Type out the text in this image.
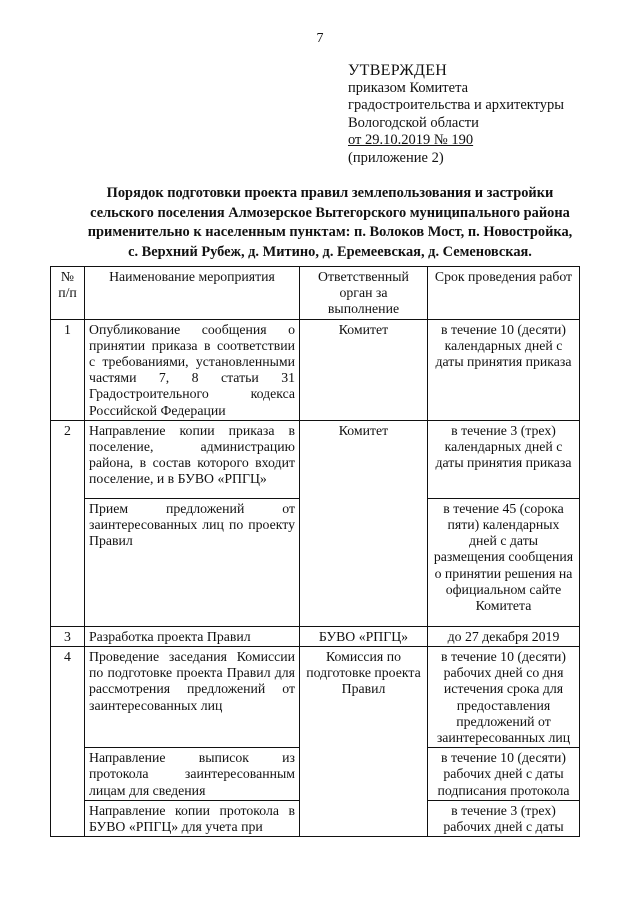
7
УТВЕРЖДЕН
приказом Комитета
градостроительства и архитектуры
Вологодской области
от 29.10.2019 № 190
(приложение 2)
Порядок подготовки проекта правил землепользования и застройки
сельского поселения Алмозерское Вытегорского муниципального района
применительно к населенным пунктам: п. Волоков Мост, п. Новостройка,
с. Верхний Рубеж, д. Митино, д. Еремеевская, д. Семеновская.
№ п/п	Наименование мероприятия	Ответственный орган за выполнение	Срок проведения работ
1	Опубликование сообщения о принятии приказа в соответствии с требованиями, установленными частями 7, 8 статьи 31 Градостроительного кодекса Российской Федерации	Комитет	в течение 10 (десяти) календарных дней с даты принятия приказа
2	Направление копии приказа в поселение, администрацию района, в состав которого входит поселение, и в БУВО «РПГЦ»	Комитет	в течение 3 (трех) календарных дней с даты принятия приказа
	Прием предложений от заинтересованных лиц по проекту Правил		в течение 45 (сорока пяти) календарных дней с даты размещения сообщения о принятии решения на официальном сайте Комитета
3	Разработка проекта Правил	БУВО «РПГЦ»	до 27 декабря 2019
4	Проведение заседания Комиссии по подготовке проекта Правил для рассмотрения предложений от заинтересованных лиц	Комиссия по подготовке проекта Правил	в течение 10 (десяти) рабочих дней со дня истечения срока для предоставления предложений от заинтересованных лиц
	Направление выписок из протокола заинтересованным лицам для сведения		в течение 10 (десяти) рабочих дней с даты подписания протокола
	Направление копии протокола в БУВО «РПГЦ» для учета при		в течение 3 (трех) рабочих дней с даты
